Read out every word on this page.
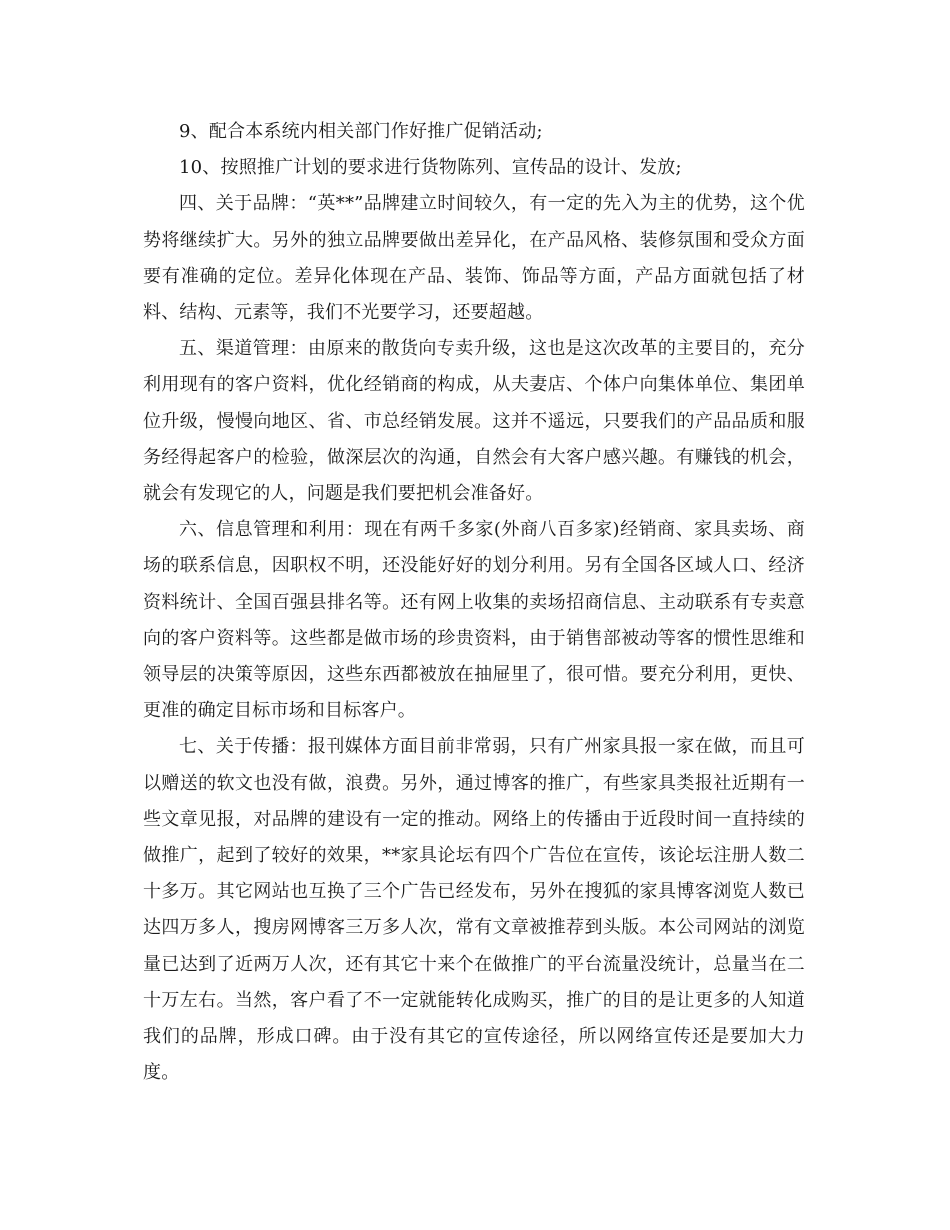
9、配合本系统内相关部门作好推广促销活动;

10、按照推广计划的要求进行货物陈列、宣传品的设计、发放;

四、关于品牌：“英**”品牌建立时间较久，有一定的先入为主的优势，这个优势将继续扩大。另外的独立品牌要做出差异化，在产品风格、装修氛围和受众方面要有准确的定位。差异化体现在产品、装饰、饰品等方面，产品方面就包括了材料、结构、元素等，我们不光要学习，还要超越。

五、渠道管理：由原来的散货向专卖升级，这也是这次改革的主要目的，充分利用现有的客户资料，优化经销商的构成，从夫妻店、个体户向集体单位、集团单位升级，慢慢向地区、省、市总经销发展。这并不遥远，只要我们的产品品质和服务经得起客户的检验，做深层次的沟通，自然会有大客户感兴趣。有赚钱的机会，就会有发现它的人，问题是我们要把机会准备好。

六、信息管理和利用：现在有两千多家(外商八百多家)经销商、家具卖场、商场的联系信息，因职权不明，还没能好好的划分利用。另有全国各区域人口、经济资料统计、全国百强县排名等。还有网上收集的卖场招商信息、主动联系有专卖意向的客户资料等。这些都是做市场的珍贵资料，由于销售部被动等客的惯性思维和领导层的决策等原因，这些东西都被放在抽屉里了，很可惜。要充分利用，更快、更准的确定目标市场和目标客户。

七、关于传播：报刊媒体方面目前非常弱，只有广州家具报一家在做，而且可以赠送的软文也没有做，浪费。另外，通过博客的推广，有些家具类报社近期有一些文章见报，对品牌的建设有一定的推动。网络上的传播由于近段时间一直持续的做推广，起到了较好的效果，**家具论坛有四个广告位在宣传，该论坛注册人数二十多万。其它网站也互换了三个广告已经发布，另外在搜狐的家具博客浏览人数已达四万多人，搜房网博客三万多人次，常有文章被推荐到头版。本公司网站的浏览量已达到了近两万人次，还有其它十来个在做推广的平台流量没统计，总量当在二十万左右。当然，客户看了不一定就能转化成购买，推广的目的是让更多的人知道我们的品牌，形成口碑。由于没有其它的宣传途径，所以网络宣传还是要加大力度。
